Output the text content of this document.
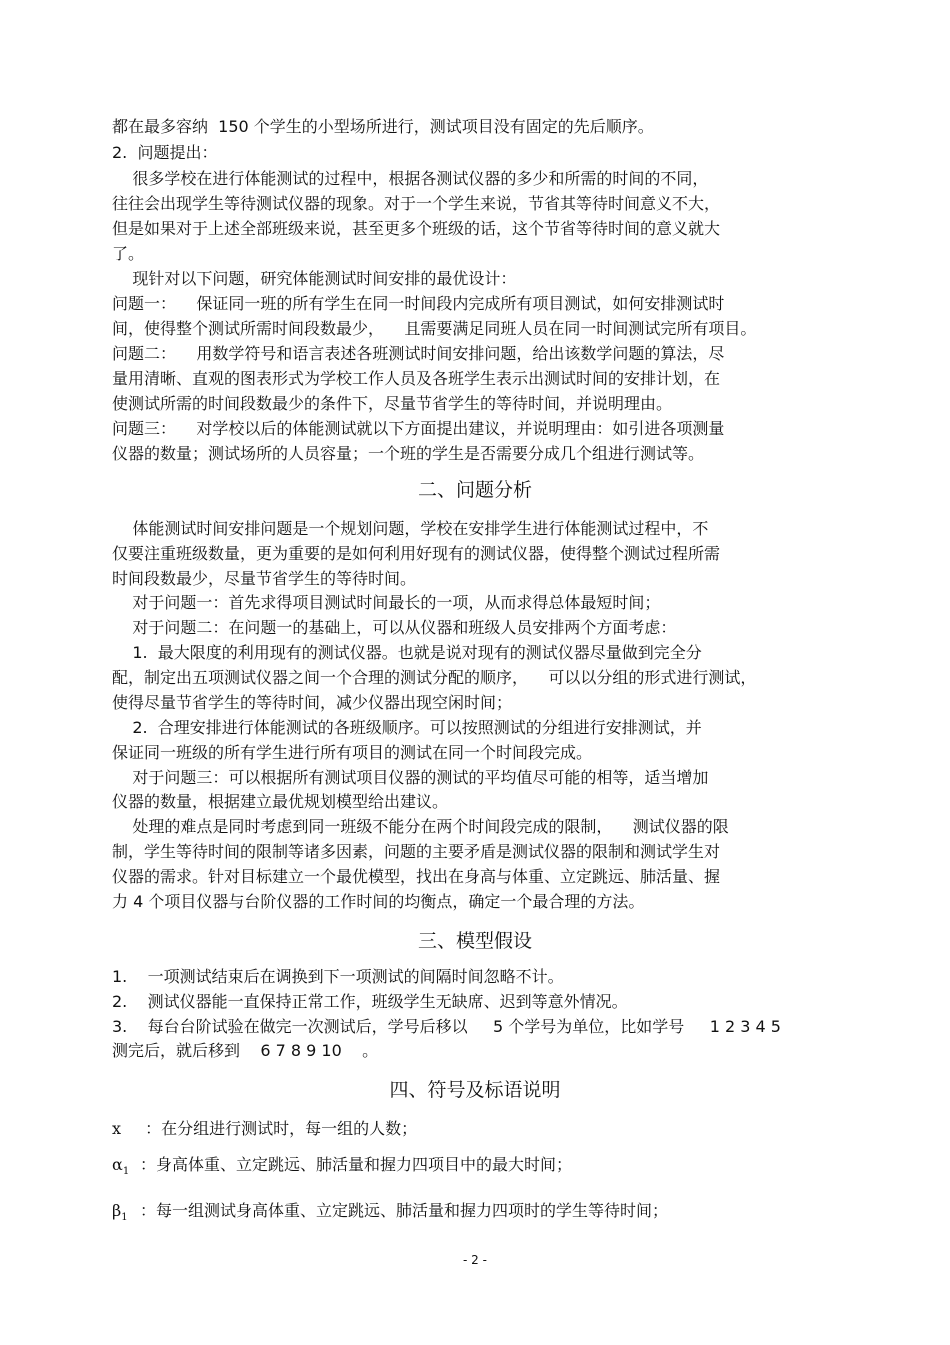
都在最多容纳  150 个学生的小型场所进行，测试项目没有固定的先后顺序。
2.  问题提出：
很多学校在进行体能测试的过程中，根据各测试仪器的多少和所需的时间的不同，
往往会出现学生等待测试仪器的现象。对于一个学生来说，节省其等待时间意义不大，
但是如果对于上述全部班级来说，甚至更多个班级的话，这个节省等待时间的意义就大
了。
现针对以下问题，研究体能测试时间安排的最优设计：
问题一：    保证同一班的所有学生在同一时间段内完成所有项目测试，如何安排测试时
间，使得整个测试所需时间段数最少，    且需要满足同班人员在同一时间测试完所有项目。
问题二：    用数学符号和语言表述各班测试时间安排问题，给出该数学问题的算法，尽
量用清晰、直观的图表形式为学校工作人员及各班学生表示出测试时间的安排计划，在
使测试所需的时间段数最少的条件下，尽量节省学生的等待时间，并说明理由。
问题三：    对学校以后的体能测试就以下方面提出建议，并说明理由：如引进各项测量
仪器的数量；测试场所的人员容量；一个班的学生是否需要分成几个组进行测试等。
二、问题分析
体能测试时间安排问题是一个规划问题，学校在安排学生进行体能测试过程中，不
仅要注重班级数量，更为重要的是如何利用好现有的测试仪器，使得整个测试过程所需
时间段数最少，尽量节省学生的等待时间。
对于问题一：首先求得项目测试时间最长的一项，从而求得总体最短时间；
对于问题二：在问题一的基础上，可以从仪器和班级人员安排两个方面考虑：
1.  最大限度的利用现有的测试仪器。也就是说对现有的测试仪器尽量做到完全分
配，制定出五项测试仪器之间一个合理的测试分配的顺序，    可以以分组的形式进行测试，
使得尽量节省学生的等待时间，减少仪器出现空闲时间；
2.  合理安排进行体能测试的各班级顺序。可以按照测试的分组进行安排测试，并
保证同一班级的所有学生进行所有项目的测试在同一个时间段完成。
对于问题三：可以根据所有测试项目仪器的测试的平均值尽可能的相等，适当增加
仪器的数量，根据建立最优规划模型给出建议。
处理的难点是同时考虑到同一班级不能分在两个时间段完成的限制，    测试仪器的限
制，学生等待时间的限制等诸多因素，问题的主要矛盾是测试仪器的限制和测试学生对
仪器的需求。针对目标建立一个最优模型，找出在身高与体重、立定跳远、肺活量、握
力 4 个项目仪器与台阶仪器的工作时间的均衡点，确定一个最合理的方法。
三、模型假设
1.    一项测试结束后在调换到下一项测试的间隔时间忽略不计。
2.    测试仪器能一直保持正常工作，班级学生无缺席、迟到等意外情况。
3.    每台台阶试验在做完一次测试后，学号后移以     5 个学号为单位，比如学号     1 2 3 4 5
测完后，就后移到    6 7 8 9 10    。
四、符号及标语说明
x ：在分组进行测试时，每一组的人数；
$\alpha_1$ ：身高体重、立定跳远、肺活量和握力四项目中的最大时间；
$\beta_1$ ：每一组测试身高体重、立定跳远、肺活量和握力四项时的学生等待时间；
- 2 -
